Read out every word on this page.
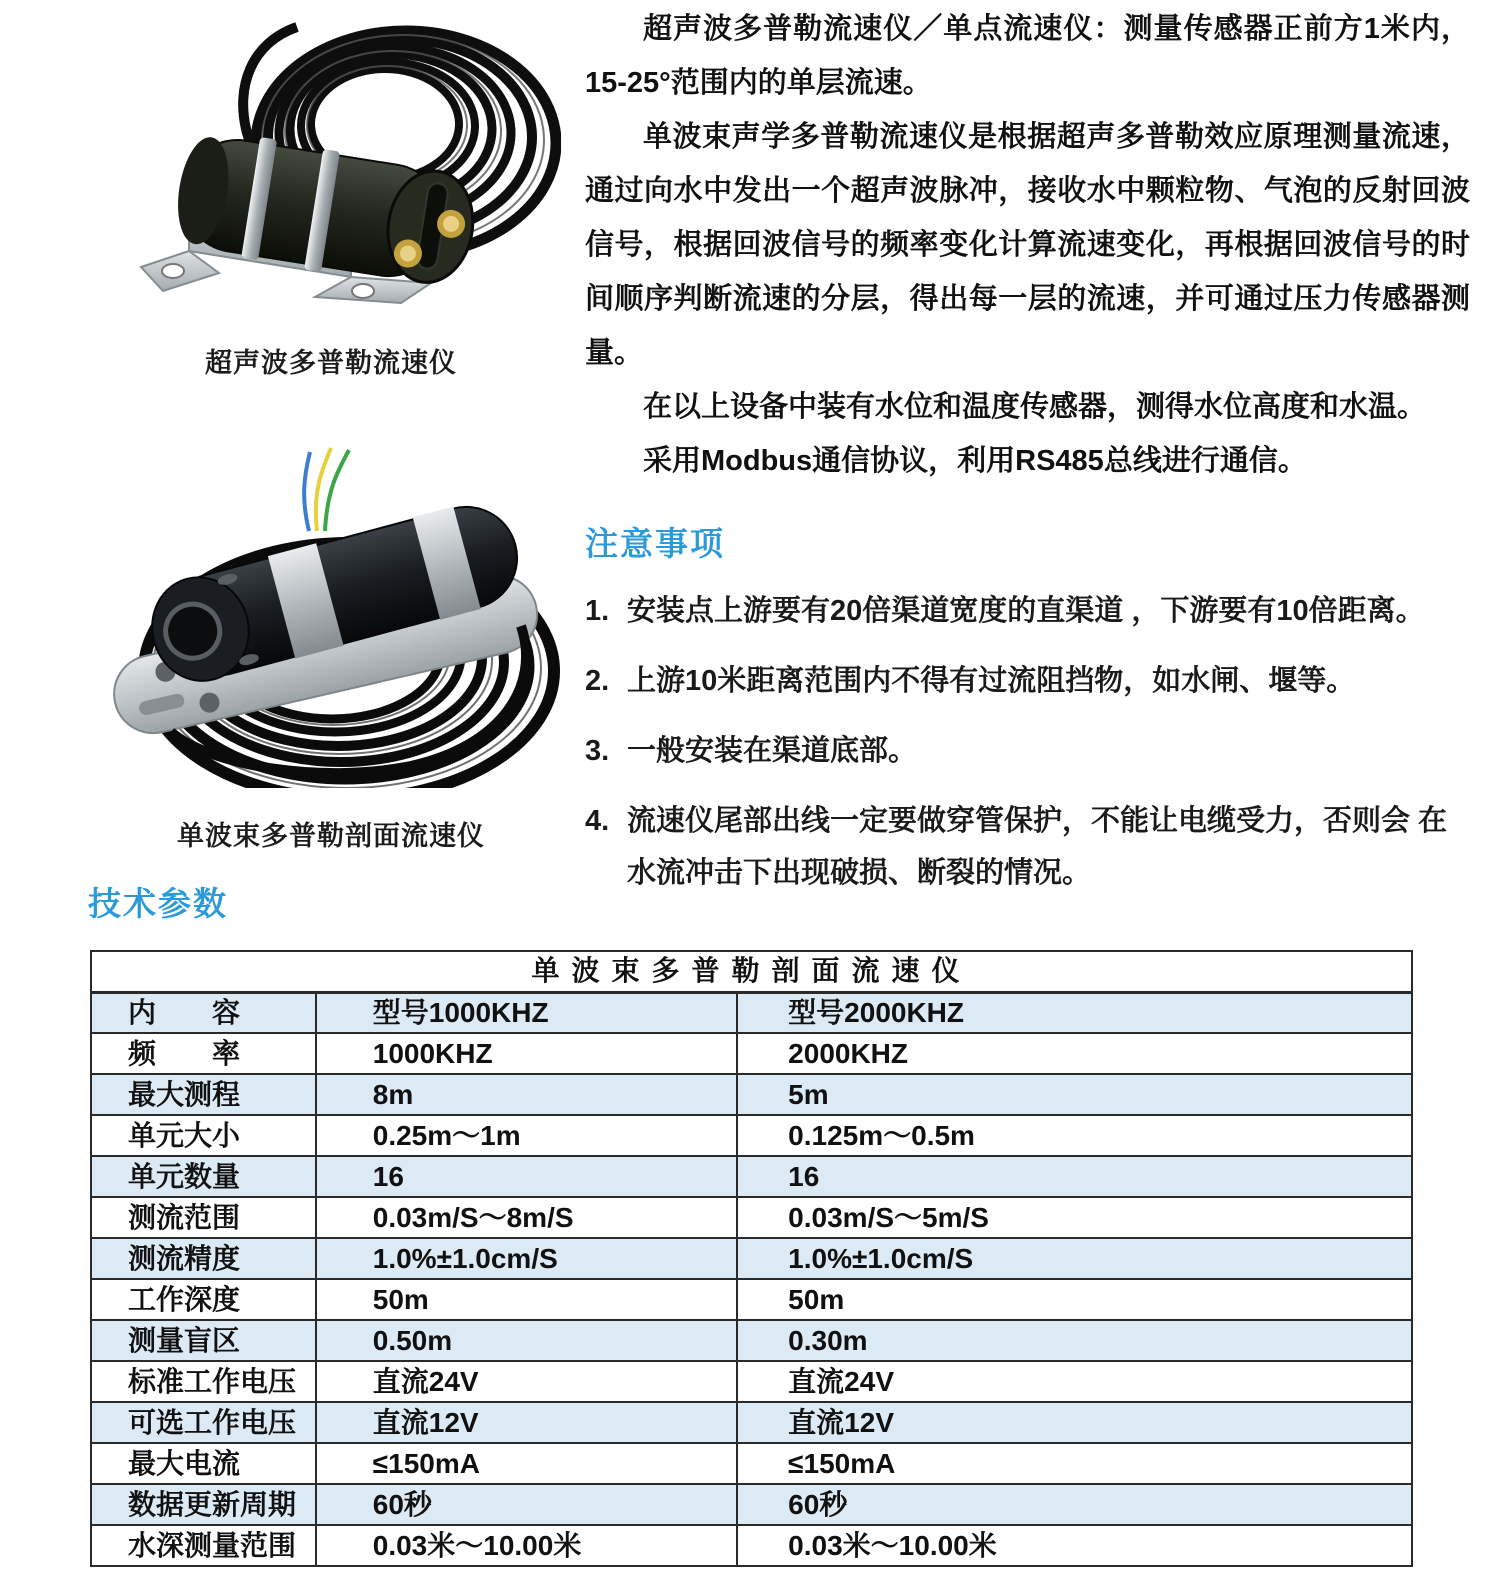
超声波多普勒流速仪
单波束多普勒剖面流速仪

超声波多普勒流速仪／单点流速仪：测量传感器正前方1米内，15-25°范围内的单层流速。

单波束声学多普勒流速仪是根据超声多普勒效应原理测量流速，通过向水中发出一个超声波脉冲，接收水中颗粒物、气泡的反射回波信号，根据回波信号的频率变化计算流速变化，再根据回波信号的时间顺序判断流速的分层，得出每一层的流速，并可通过压力传感器测量。

在以上设备中装有水位和温度传感器，测得水位高度和水温。

采用Modbus通信协议，利用RS485总线进行通信。

注意事项
1. 安装点上游要有20倍渠道宽度的直渠道 ，下游要有10倍距离。
2. 上游10米距离范围内不得有过流阻挡物，如水闸、堰等。
3. 一般安装在渠道底部。
4. 流速仪尾部出线一定要做穿管保护，不能让电缆受力，否则会 在水流冲击下出现破损、断裂的情况。
技术参数
单波束多普勒剖面流速仪		
内　　容	型号1000KHZ	型号2000KHZ
频　　率	1000KHZ	2000KHZ
最大测程	8m	5m
单元大小	0.25m～1m	0.125m～0.5m
单元数量	16	16
测流范围	0.03m/S～8m/S	0.03m/S～5m/S
测流精度	1.0%±1.0cm/S	1.0%±1.0cm/S
工作深度	50m	50m
测量盲区	0.50m	0.30m
标准工作电压	直流24V	直流24V
可选工作电压	直流12V	直流12V
最大电流	≤150mA	≤150mA
数据更新周期	60秒	60秒
水深测量范围	0.03米～10.00米	0.03米～10.00米
